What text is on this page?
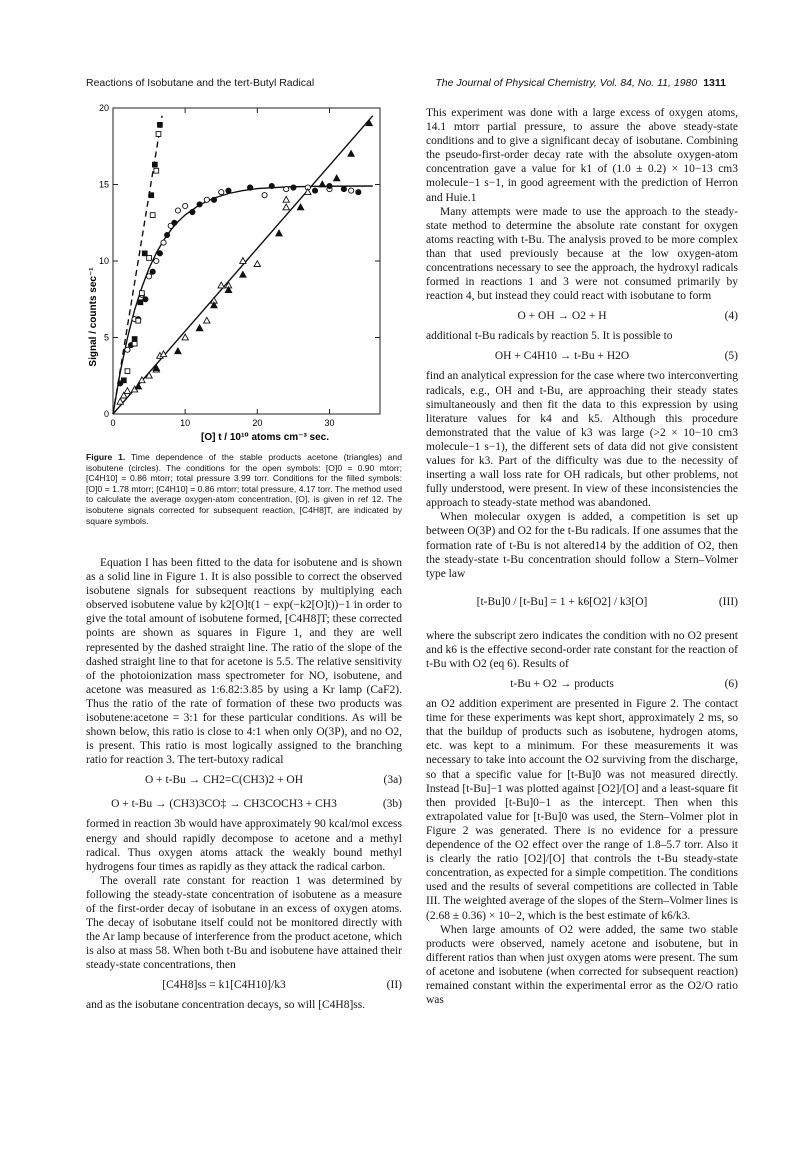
Reactions of Isobutane and the tert-Butyl Radical	The Journal of Physical Chemistry, Vol. 84, No. 11, 1980 1311
0	10	20	30
0
5
10
15
20
Signal / counts sec⁻¹
[O] t / 10¹⁰ atoms cm⁻³ sec.
Figure 1. Time dependence of the stable products acetone (triangles) and isobutene (circles). The conditions for the open symbols: [O]0 = 0.90 mtorr; [C4H10] = 0.86 mtorr; total pressure 3.99 torr. Conditions for the filled symbols: [O]0 = 1.78 mtorr; [C4H10] = 0.86 mtorr; total pressure, 4.17 torr. The method used to calculate the average oxygen-atom concentration, [O], is given in ref 12. The isobutene signals corrected for subsequent reaction, [C4H8]T, are indicated by square symbols.

Equation I has been fitted to the data for isobutene and is shown as a solid line in Figure 1. It is also possible to correct the observed isobutene signals for subsequent reactions by multiplying each observed isobutene value by k2[O]t(1 − exp(−k2[O]t))−1 in order to give the total amount of isobutene formed, [C4H8]T; these corrected points are shown as squares in Figure 1, and they are well represented by the dashed straight line. The ratio of the slope of the dashed straight line to that for acetone is 5.5. The relative sensitivity of the photoionization mass spectrometer for NO, isobutene, and acetone was measured as 1:6.82:3.85 by using a Kr lamp (CaF2). Thus the ratio of the rate of formation of these two products was isobutene:acetone = 3:1 for these particular conditions. As will be shown below, this ratio is close to 4:1 when only O(3P), and no O2, is present. This ratio is most logically assigned to the branching ratio for reaction 3. The tert-butoxy radical

O + t-Bu → CH2=C(CH3)2 + OH	(3a)
O + t-Bu → (CH3)3CO‡ → CH3COCH3 + CH3	(3b)

formed in reaction 3b would have approximately 90 kcal/mol excess energy and should rapidly decompose to acetone and a methyl radical. Thus oxygen atoms attack the weakly bound methyl hydrogens four times as rapidly as they attack the radical carbon.

The overall rate constant for reaction 1 was determined by following the steady-state concentration of isobutene as a measure of the first-order decay of isobutane in an excess of oxygen atoms. The decay of isobutane itself could not be monitored directly with the Ar lamp because of interference from the product acetone, which is also at mass 58. When both t-Bu and isobutene have attained their steady-state concentrations, then

[C4H8]ss = k1[C4H10]/k3	(II)

and as the isobutane concentration decays, so will [C4H8]ss.

This experiment was done with a large excess of oxygen atoms, 14.1 mtorr partial pressure, to assure the above steady-state conditions and to give a significant decay of isobutane. Combining the pseudo-first-order decay rate with the absolute oxygen-atom concentration gave a value for k1 of (1.0 ± 0.2) × 10−13 cm3 molecule−1 s−1, in good agreement with the prediction of Herron and Huie.1

Many attempts were made to use the approach to the steady-state method to determine the absolute rate constant for oxygen atoms reacting with t-Bu. The analysis proved to be more complex than that used previously because at the low oxygen-atom concentrations necessary to see the approach, the hydroxyl radicals formed in reactions 1 and 3 were not consumed primarily by reaction 4, but instead they could react with isobutane to form

O + OH → O2 + H	(4)

additional t-Bu radicals by reaction 5. It is possible to

OH + C4H10 → t-Bu + H2O	(5)

find an analytical expression for the case where two interconverting radicals, e.g., OH and t-Bu, are approaching their steady states simultaneously and then fit the data to this expression by using literature values for k4 and k5. Although this procedure demonstrated that the value of k3 was large (>2 × 10−10 cm3 molecule−1 s−1), the different sets of data did not give consistent values for k3. Part of the difficulty was due to the necessity of inserting a wall loss rate for OH radicals, but other problems, not fully understood, were present. In view of these inconsistencies the approach to steady-state method was abandoned.

When molecular oxygen is added, a competition is set up between O(3P) and O2 for the t-Bu radicals. If one assumes that the formation rate of t-Bu is not altered14 by the addition of O2, then the steady-state t-Bu concentration should follow a Stern–Volmer type law

[t-Bu]0 / [t-Bu] = 1 + k6[O2] / k3[O]	(III)

where the subscript zero indicates the condition with no O2 present and k6 is the effective second-order rate constant for the reaction of t-Bu with O2 (eq 6). Results of

t-Bu + O2 → products	(6)

an O2 addition experiment are presented in Figure 2. The contact time for these experiments was kept short, approximately 2 ms, so that the buildup of products such as isobutene, hydrogen atoms, etc. was kept to a minimum. For these measurements it was necessary to take into account the O2 surviving from the discharge, so that a specific value for [t-Bu]0 was not measured directly. Instead [t-Bu]−1 was plotted against [O2]/[O] and a least-square fit then provided [t-Bu]0−1 as the intercept. Then when this extrapolated value for [t-Bu]0 was used, the Stern–Volmer plot in Figure 2 was generated. There is no evidence for a pressure dependence of the O2 effect over the range of 1.8–5.7 torr. Also it is clearly the ratio [O2]/[O] that controls the t-Bu steady-state concentration, as expected for a simple competition. The conditions used and the results of several competitions are collected in Table III. The weighted average of the slopes of the Stern–Volmer lines is (2.68 ± 0.36) × 10−2, which is the best estimate of k6/k3.

When large amounts of O2 were added, the same two stable products were observed, namely acetone and isobutene, but in different ratios than when just oxygen atoms were present. The sum of acetone and isobutene (when corrected for subsequent reaction) remained constant within the experimental error as the O2/O ratio was
